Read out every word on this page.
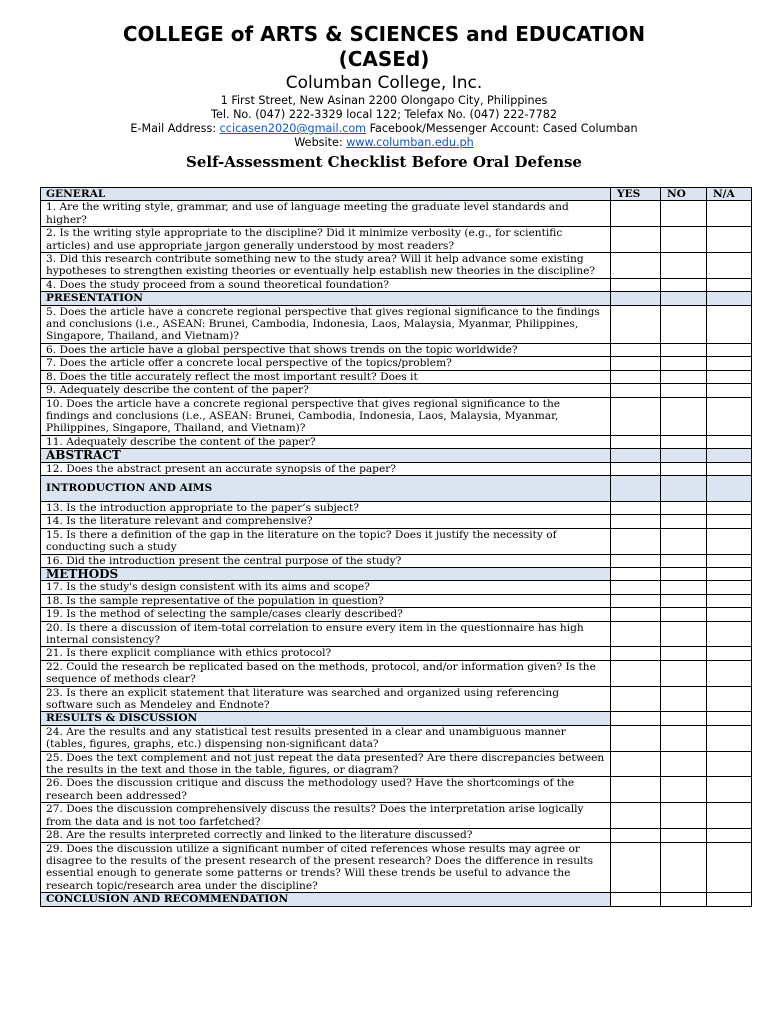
COLLEGE of ARTS & SCIENCES and EDUCATION
(CASEd)
Columban College, Inc.
1 First Street, New Asinan 2200 Olongapo City, Philippines
Tel. No. (047) 222-3329 local 122; Telefax No. (047) 222-7782
E-Mail Address: ccicasen2020@gmail.com Facebook/Messenger Account: Cased Columban
Website: www.columban.edu.ph
Self-Assessment Checklist Before Oral Defense
GENERAL	YES	NO	N/A
1. Are the writing style, grammar, and use of language meeting the graduate level standards and higher?			
2. Is the writing style appropriate to the discipline? Did it minimize verbosity (e.g., for scientific articles) and use appropriate jargon generally understood by most readers?			
3. Did this research contribute something new to the study area? Will it help advance some existing hypotheses to strengthen existing theories or eventually help establish new theories in the discipline?			
4. Does the study proceed from a sound theoretical foundation?			
PRESENTATION			
5. Does the article have a concrete regional perspective that gives regional significance to the findings and conclusions (i.e., ASEAN: Brunei, Cambodia, Indonesia, Laos, Malaysia, Myanmar, Philippines, Singapore, Thailand, and Vietnam)?			
6. Does the article have a global perspective that shows trends on the topic worldwide?			
7. Does the article offer a concrete local perspective of the topics/problem?			
8. Does the title accurately reflect the most important result? Does it			
9. Adequately describe the content of the paper?			
10. Does the article have a concrete regional perspective that gives regional significance to the findings and conclusions (i.e., ASEAN: Brunei, Cambodia, Indonesia, Laos, Malaysia, Myanmar, Philippines, Singapore, Thailand, and Vietnam)?			
11. Adequately describe the content of the paper?			
ABSTRACT			
12. Does the abstract present an accurate synopsis of the paper?			
INTRODUCTION AND AIMS			
13. Is the introduction appropriate to the paper’s subject?			
14. Is the literature relevant and comprehensive?			
15. Is there a definition of the gap in the literature on the topic? Does it justify the necessity of conducting such a study			
16. Did the introduction present the central purpose of the study?			
METHODS			
17. Is the study's design consistent with its aims and scope?			
18. Is the sample representative of the population in question?			
19. Is the method of selecting the sample/cases clearly described?			
20. Is there a discussion of item-total correlation to ensure every item in the questionnaire has high internal consistency?			
21. Is there explicit compliance with ethics protocol?			
22. Could the research be replicated based on the methods, protocol, and/or information given? Is the sequence of methods clear?			
23. Is there an explicit statement that literature was searched and organized using referencing software such as Mendeley and Endnote?			
RESULTS & DISCUSSION			
24. Are the results and any statistical test results presented in a clear and unambiguous manner (tables, figures, graphs, etc.) dispensing non-significant data?			
25. Does the text complement and not just repeat the data presented? Are there discrepancies between the results in the text and those in the table, figures, or diagram?			
26. Does the discussion critique and discuss the methodology used? Have the shortcomings of the research been addressed?			
27. Does the discussion comprehensively discuss the results? Does the interpretation arise logically from the data and is not too farfetched?			
28. Are the results interpreted correctly and linked to the literature discussed?			
29. Does the discussion utilize a significant number of cited references whose results may agree or disagree to the results of the present research of the present research? Does the difference in results essential enough to generate some patterns or trends? Will these trends be useful to advance the research topic/research area under the discipline?			
CONCLUSION AND RECOMMENDATION			
